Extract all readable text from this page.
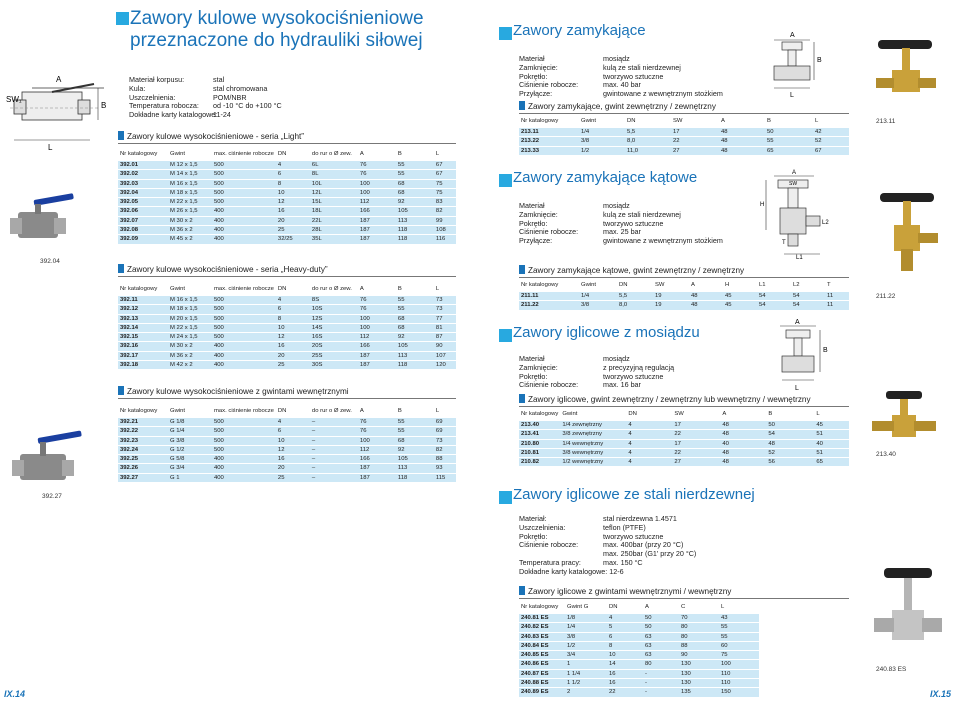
Zawory kulowe wysokociśnieniowe
przeznaczone do hydrauliki siłowej
A
SW₁
B
L
Materiał korpusu:	stal
Kula:	stal chromowana
Uszczelnienia:	POM/NBR
Temperatura robocza:	od -10 °C do +100 °C
Dokładne karty katalogowe:
11-24
Zawory kulowe wysokociśnieniowe - seria „Light”
Nr katalogowy	Gwint	max. ciśnienie robocze	DN	do rur o Ø zew.	A	B	L
392.01	M 12 x 1,5	500	4	6L	76	55	67
392.02	M 14 x 1,5	500	6	8L	76	55	67
392.03	M 16 x 1,5	500	8	10L	100	68	75
392.04	M 18 x 1,5	500	10	12L	100	68	75
392.05	M 22 x 1,5	500	12	15L	112	92	83
392.06	M 26 x 1,5	400	16	18L	166	105	82
392.07	M 30 x 2	400	20	22L	187	113	99
392.08	M 36 x 2	400	25	28L	187	118	108
392.09	M 45 x 2	400	32/25	35L	187	118	116
392.04
Zawory kulowe wysokociśnieniowe - seria „Heavy-duty”
Nr katalogowy	Gwint	max. ciśnienie robocze	DN	do rur o Ø zew.	A	B	L
392.11	M 16 x 1,5	500	4	8S	76	55	73
392.12	M 18 x 1,5	500	6	10S	76	55	73
392.13	M 20 x 1,5	500	8	12S	100	68	77
392.14	M 22 x 1,5	500	10	14S	100	68	81
392.15	M 24 x 1,5	500	12	16S	112	92	87
392.16	M 30 x 2	400	16	20S	166	105	90
392.17	M 36 x 2	400	20	25S	187	113	107
392.18	M 42 x 2	400	25	30S	187	118	120
Zawory kulowe wysokociśnieniowe z gwintami wewnętrznymi
Nr katalogowy	Gwint	max. ciśnienie robocze	DN	do rur o Ø zew.	A	B	L
392.21	G 1/8	500	4	–	76	55	69
392.22	G 1/4	500	6	–	76	55	69
392.23	G 3/8	500	10	–	100	68	73
392.24	G 1/2	500	12	–	112	92	82
392.25	G 5/8	400	16	–	166	105	88
392.26	G 3/4	400	20	–	187	113	93
392.27	G 1	400	25	–	187	118	115
392.27
IX.14
Zawory zamykające
Materiał	mosiądz
Zamknięcie:	kulą ze stali nierdzewnej
Pokrętło:	tworzywo sztuczne
Ciśnienie robocze:	max. 40 bar
Przyłącze:	gwintowane z wewnętrznym stożkiem
A
B
L
Zawory zamykające, gwint zewnętrzny / zewnętrzny
Nr katalogowy	Gwint	DN	SW	A	B	L
213.11	1/4	5,5	17	48	50	42
213.22	3/8	8,0	22	48	55	52
213.33	1/2	11,0	27	48	65	67
213.11
Zawory zamykające kątowe
Materiał	mosiądz
Zamknięcie:	kulą ze stali nierdzewnej
Pokrętło:	tworzywo sztuczne
Ciśnienie robocze:	max. 25 bar
Przyłącze:	gwintowane z wewnętrznym stożkiem
A
SW
H
L2
T
L1
Zawory zamykające kątowe, gwint zewnętrzny / zewnętrzny
Nr katalogowy	Gwint	DN	SW	A	H	L1	L2	T
211.11	1/4	5,5	19	48	45	54	54	11
211.22	3/8	8,0	19	48	45	54	54	11
211.22
Zawory iglicowe z mosiądzu
Materiał	mosiądz
Zamknięcie:	z precyzyjną regulacją
Pokrętło:	tworzywo sztuczne
Ciśnienie robocze:	max. 16 bar
A
B
L
Zawory iglicowe, gwint zewnętrzny / zewnętrzny lub wewnętrzny / wewnętrzny
Nr katalogowy	Gwint	DN	SW	A	B	L
213.40	1/4 zewnętrzny	4	17	48	50	45
213.41	3/8 zewnętrzny	4	22	48	54	51
210.80	1/4 wewnętrzny	4	17	40	48	40
210.81	3/8 wewnętrzny	4	22	48	52	51
210.82	1/2 wewnętrzny	4	27	48	56	65
213.40
Zawory iglicowe ze stali nierdzewnej
Materiał:	stal nierdzewna 1.4571
Uszczelnienia:	teflon (PTFE)
Pokrętło:	tworzywo sztuczne
Ciśnienie robocze:	max. 400bar (przy 20 °C)
max. 250bar (G1' przy 20 °C)
Temperatura pracy:	max. 150 °C
Dokładne karty katalogowe: 12-6
Zawory iglicowe z gwintami wewnętrznymi / wewnętrzny
Nr katalogowy	Gwint G	DN	A	C	L
240.81 ES	1/8	4	50	70	43
240.82 ES	1/4	5	50	80	55
240.83 ES	3/8	6	63	80	55
240.84 ES	1/2	8	63	88	60
240.85 ES	3/4	10	63	90	75
240.86 ES	1	14	80	130	100
240.87 ES	1 1/4	16	-	130	110
240.88 ES	1 1/2	16	-	130	110
240.89 ES	2	22	-	135	150
240.83 ES
IX.15
